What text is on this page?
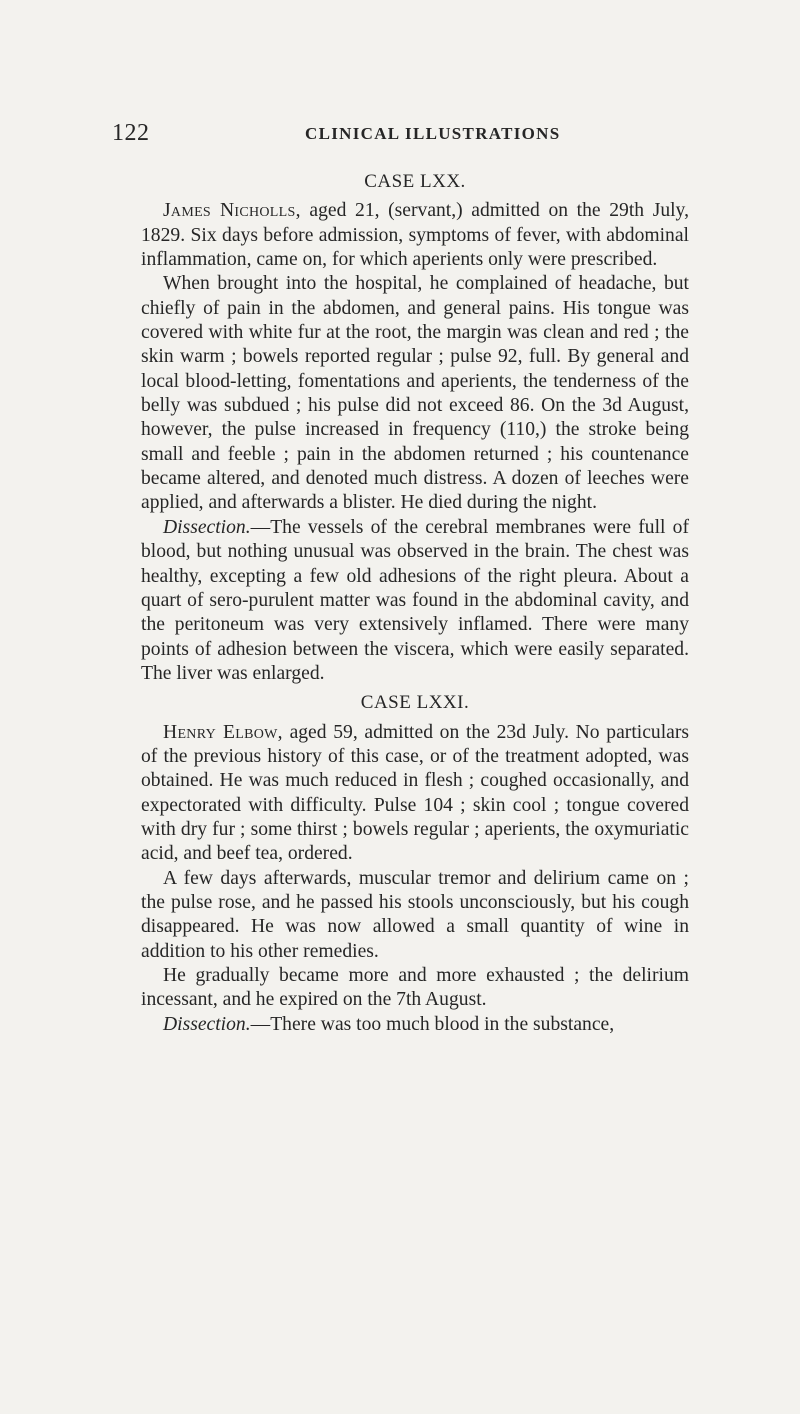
122	CLINICAL ILLUSTRATIONS
CASE LXX.

James Nicholls, aged 21, (servant,) admitted on the 29th July, 1829. Six days before admission, symptoms of fever, with abdominal inflammation, came on, for which aperients only were prescribed.

When brought into the hospital, he complained of headache, but chiefly of pain in the abdomen, and general pains. His tongue was covered with white fur at the root, the margin was clean and red ; the skin warm ; bowels reported regular ; pulse 92, full. By general and local blood-letting, fomentations and aperients, the tenderness of the belly was subdued ; his pulse did not exceed 86. On the 3d August, however, the pulse increased in frequency (110,) the stroke being small and feeble ; pain in the abdomen returned ; his countenance became altered, and denoted much distress. A dozen of leeches were applied, and afterwards a blister. He died during the night.

Dissection.—The vessels of the cerebral membranes were full of blood, but nothing unusual was observed in the brain. The chest was healthy, excepting a few old adhesions of the right pleura. About a quart of sero-purulent matter was found in the abdominal cavity, and the peritoneum was very extensively inflamed. There were many points of adhesion between the viscera, which were easily separated. The liver was enlarged.

CASE LXXI.

Henry Elbow, aged 59, admitted on the 23d July. No particulars of the previous history of this case, or of the treatment adopted, was obtained. He was much reduced in flesh ; coughed occasionally, and expectorated with difficulty. Pulse 104 ; skin cool ; tongue covered with dry fur ; some thirst ; bowels regular ; aperients, the oxymuriatic acid, and beef tea, ordered.

A few days afterwards, muscular tremor and delirium came on ; the pulse rose, and he passed his stools unconsciously, but his cough disappeared. He was now allowed a small quantity of wine in addition to his other remedies.

He gradually became more and more exhausted ; the delirium incessant, and he expired on the 7th August.

Dissection.—There was too much blood in the substance,
